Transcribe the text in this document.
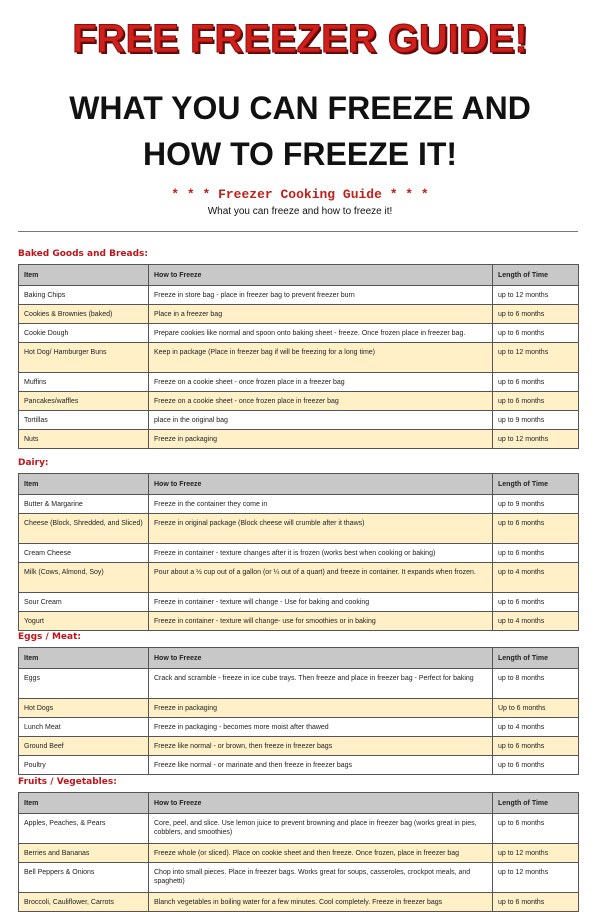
FREE FREEZER GUIDE!
WHAT YOU CAN FREEZE AND
HOW TO FREEZE IT!
* * * Freezer Cooking Guide * * *
What you can freeze and how to freeze it!
Baked Goods and Breads:
Item	How to Freeze	Length of Time
Baking Chips	Freeze in store bag - place in freezer bag to prevent freezer burn	up to 12 months
Cookies & Brownies (baked)	Place in a freezer bag	up to 6 months
Cookie Dough	Prepare cookies like normal and spoon onto baking sheet - freeze. Once frozen place in freezer bag.	up to 6 months
Hot Dog/ Hamburger Buns	Keep in package (Place in freezer bag if will be freezing for a long time)	up to 12 months
Muffins	Freeze on a cookie sheet - once frozen place in a freezer bag	up to 6 months
Pancakes/waffles	Freeze on a cookie sheet - once frozen place in freezer bag	up to 6 months
Tortillas	place in the original bag	up to 9 months
Nuts	Freeze in packaging	up to 12 months
Dairy:
Item	How to Freeze	Length of Time
Butter & Margarine	Freeze in the container they come in	up to 9 months
Cheese (Block, Shredded, and Sliced)	Freeze in original package (Block cheese will crumble after it thaws)	up to 6 months
Cream Cheese	Freeze in container - texture changes after it is frozen (works best when cooking or baking)	up to 6 months
Milk (Cows, Almond, Soy)	Pour about a ½ cup out of a gallon (or ¼ out of a quart) and freeze in container. It expands when frozen.	up to 4 months
Sour Cream	Freeze in container - texture will change - Use for baking and cooking	up to 6 months
Yogurt	Freeze in container - texture will change- use for smoothies or in baking	up to 4 months
Eggs / Meat:
Item	How to Freeze	Length of Time
Eggs	Crack and scramble - freeze in ice cube trays. Then freeze and place in freezer bag - Perfect for baking	up to 8 months
Hot Dogs	Freeze in packaging	Up to 6 months
Lunch Meat	Freeze in packaging - becomes more moist after thawed	up to 4 months
Ground Beef	Freeze like normal - or brown, then freeze in freezer bags	up to 6 months
Poultry	Freeze like normal - or marinate and then freeze in freezer bags	up to 6 months
Fruits / Vegetables:
Item	How to Freeze	Length of Time
Apples, Peaches, & Pears	Core, peel, and slice. Use lemon juice to prevent browning and place in freezer bag (works great in pies, cobblers, and smoothies)	up to 6 months
Berries and Bananas	Freeze whole (or sliced). Place on cookie sheet and then freeze. Once frozen, place in freezer bag	up to 12 months
Bell Peppers & Onions	Chop into small pieces. Place in freezer bags. Works great for soups, casseroles, crockpot meals, and spaghetti)	up to 12 months
Broccoli, Cauliflower, Carrots	Blanch vegetables in boiling water for a few minutes. Cool completely. Freeze in freezer bags	up to 6 months
